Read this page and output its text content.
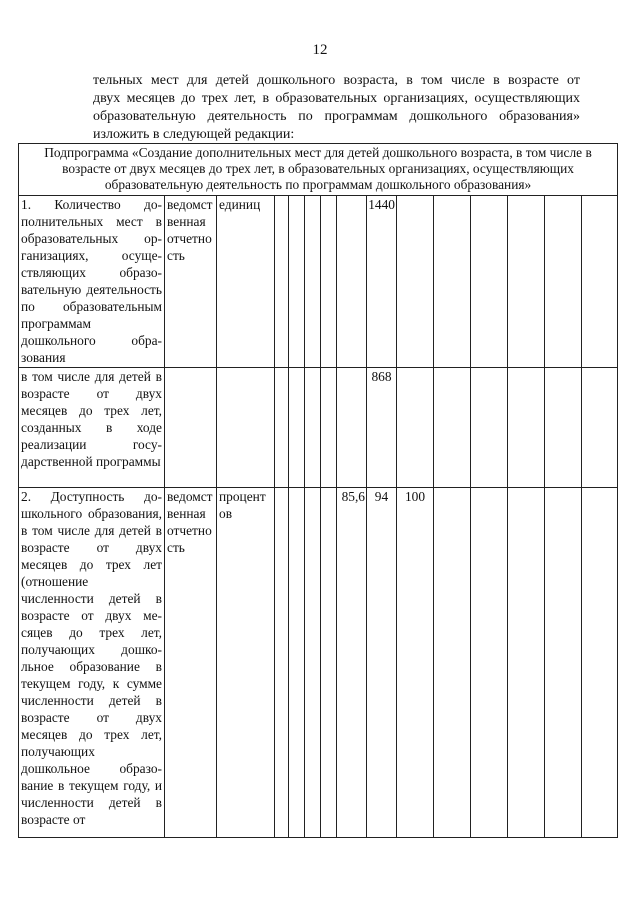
12
тельных мест для детей дошкольного возраста, в том числе в возрасте от
двух месяцев до трех лет, в образовательных организациях, осуществляющих образовательную деятельность по программам дошкольного образования» изложить в следующей редакции:
Подпрограмма «Создание дополнительных мест для детей дошкольного возраста, в том числе в возрасте от двух месяцев до трех лет, в образовательных организациях, осуществляющих образовательную деятельность по программам дошкольного образования»														
1. Количество дополнительных мест в образовательных организациях, осуществляющих образовательную деятельность по образовательным программам дошкольного образования	ведомственная отчетность	единиц						1440						
в том числе для детей в возрасте от двух месяцев до трех лет, созданных в ходе реализации государственной программы								868						
2. Доступность дошкольного образования, в том числе для детей в возрасте от двух месяцев до трех лет (отношение численности детей в возрасте от двух месяцев до трех лет, получающих дошкольное образование в текущем году, к сумме численности детей в возрасте от двух месяцев до трех лет, получающих дошкольное образование в текущем году, и численности детей в возрасте от	ведомственная отчетность	процентов					85,6	94	100					
